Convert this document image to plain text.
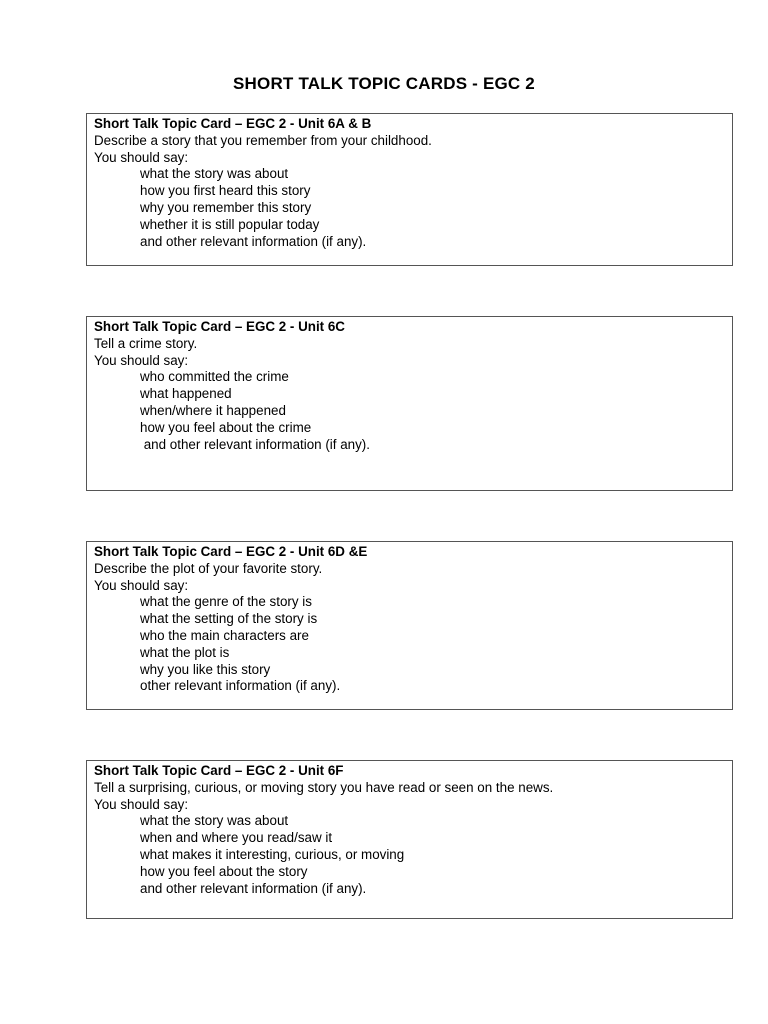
SHORT TALK TOPIC CARDS - EGC 2
Short Talk Topic Card – EGC 2 - Unit 6A & B
Describe a story that you remember from your childhood.
You should say:
what the story was about
how you first heard this story
why you remember this story
whether it is still popular today
and other relevant information (if any).
Short Talk Topic Card – EGC 2 - Unit 6C
Tell a crime story.
You should say:
who committed the crime
what happened
when/where it happened
how you feel about the crime
and other relevant information (if any).
Short Talk Topic Card – EGC 2 - Unit 6D &E
Describe the plot of your favorite story.
You should say:
what the genre of the story is
what the setting of the story is
who the main characters are
what the plot is
why you like this story
other relevant information (if any).
Short Talk Topic Card – EGC 2 - Unit 6F
Tell a surprising, curious, or moving story you have read or seen on the news.
You should say:
what the story was about
when and where you read/saw it
what makes it interesting, curious, or moving
how you feel about the story
and other relevant information (if any).
